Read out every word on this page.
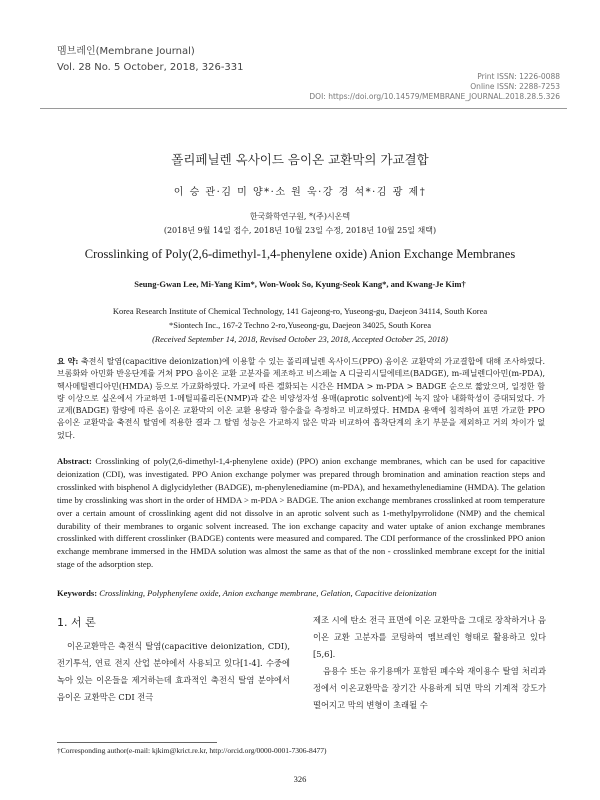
멤브레인(Membrane Journal)
Vol. 28 No. 5 October, 2018, 326-331
Print ISSN: 1226-0088
Online ISSN: 2288-7253
DOI: https://doi.org/10.14579/MEMBRANE_JOURNAL.2018.28.5.326
폴리페닐렌 옥사이드 음이온 교환막의 가교결합
이 승 관·김 미 양*·소 원 욱·강 경 석*·김 광 제†
한국화학연구원, *(주)시온텍
(2018년 9월 14일 접수, 2018년 10월 23일 수정, 2018년 10월 25일 채택)
Crosslinking of Poly(2,6-dimethyl-1,4-phenylene oxide) Anion Exchange Membranes
Seung-Gwan Lee, Mi-Yang Kim*, Won-Wook So, Kyung-Seok Kang*, and Kwang-Je Kim†
Korea Research Institute of Chemical Technology, 141 Gajeong-ro, Yuseong-gu, Daejeon 34114, South Korea
*Siontech Inc., 167-2 Techno 2-ro,Yuseong-gu, Daejeon 34025, South Korea
(Received September 14, 2018, Revised October 23, 2018, Accepted October 25, 2018)
요 약: 축전식 탈염(capacitive deionization)에 이용할 수 있는 폴리페닐렌 옥사이드(PPO) 음이온 교환막의 가교결합에 대해 조사하였다. 브롬화와 아민화 반응단계를 거쳐 PPO 음이온 교환 고분자를 제조하고 비스페놀 A 디글리시딜에테르(BADGE), m-페닐렌디아민(m-PDA), 헥사메틸렌디아민(HMDA) 등으로 가교화하였다. 가교에 따른 겔화되는 시간은 HMDA > m-PDA > BADGE 순으로 짧았으며, 일정한 함량 이상으로 실온에서 가교하면 1-메틸피롤리돈(NMP)과 같은 비양성자성 용매(aprotic solvent)에 녹지 않아 내화학성이 증대되었다. 가교제(BADGE) 함량에 따른 음이온 교환막의 이온 교환 용량과 함수율을 측정하고 비교하였다. HMDA 용액에 침적하여 표면 가교한 PPO 음이온 교환막을 축전식 탈염에 적용한 결과 그 탈염 성능은 가교하지 않은 막과 비교하여 흡착단계의 초기 부분을 제외하고 거의 차이가 없었다.
Abstract: Crosslinking of poly(2,6-dimethyl-1,4-phenylene oxide) (PPO) anion exchange membranes, which can be used for capacitive deionization (CDI), was investigated. PPO Anion exchange polymer was prepared through bromination and amination reaction steps and crosslinked with bisphenol A diglycidylether (BADGE), m-phenylenediamine (m-PDA), and hexamethylenediamine (HMDA). The gelation time by crosslinking was short in the order of HMDA > m-PDA > BADGE. The anion exchange membranes crosslinked at room temperature over a certain amount of crosslinking agent did not dissolve in an aprotic solvent such as 1-methylpyrrolidone (NMP) and the chemical durability of their membranes to organic solvent increased. The ion exchange capacity and water uptake of anion exchange membranes crosslinked with different crosslinker (BADGE) contents were measured and compared. The CDI performance of the crosslinked PPO anion exchange membrane immersed in the HMDA solution was almost the same as that of the non - crosslinked membrane except for the initial stage of the adsorption step.
Keywords: Crosslinking, Polyphenylene oxide, Anion exchange membrane, Gelation, Capacitive deionization
1. 서 론
이온교환막은 축전식 탈염(capacitive deionization, CDI), 전기투석, 연료 전지 산업 분야에서 사용되고 있다[1-4]. 수중에 녹아 있는 이온들을 제거하는데 효과적인 축전식 탈염 분야에서 음이온 교환막은 CDI 전극

제조 시에 탄소 전극 표면에 이온 교환막을 그대로 장착하거나 음이온 교환 고분자를 코팅하여 멤브레인 형태로 활용하고 있다[5,6].

음용수 또는 유기용매가 포함된 폐수와 재이용수 탈염 처리과정에서 이온교환막을 장기간 사용하게 되면 막의 기계적 강도가 떨어지고 막의 변형이 초래될 수

†Corresponding author(e-mail: kjkim@krict.re.kr, http://orcid.org/0000-0001-7306-8477)
326
